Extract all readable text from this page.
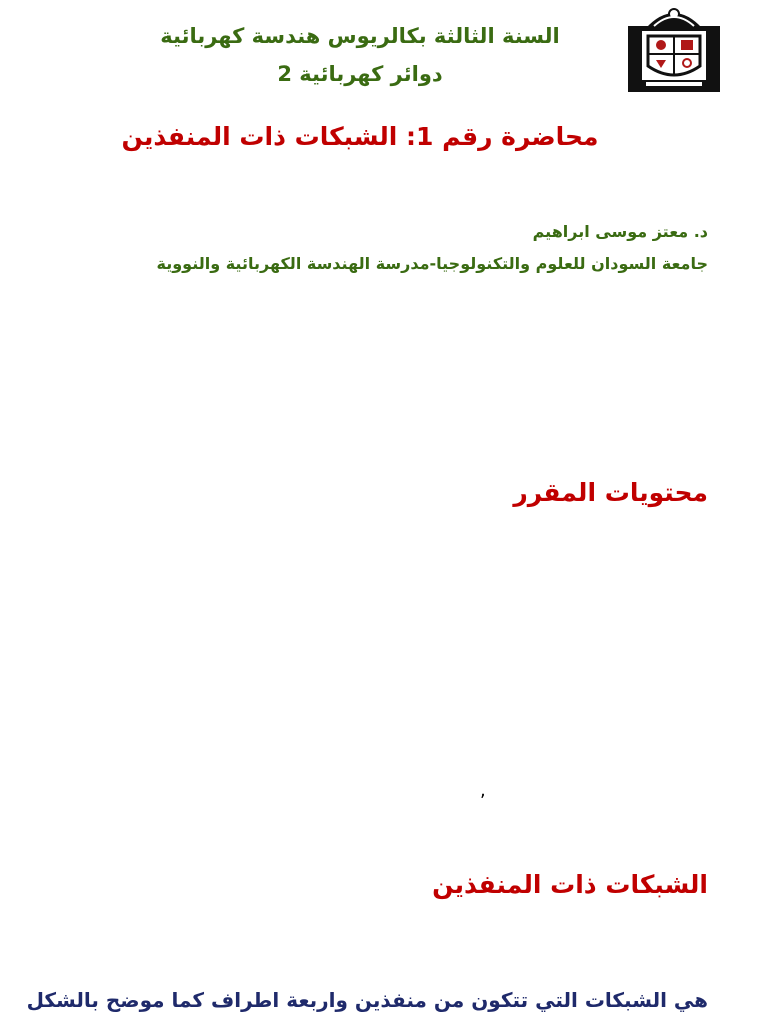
السنة الثالثة بكالريوس هندسة كهربائية
دوائر كهربائية 2
محاضرة رقم 1: الشبكات ذات المنفذين
د. معتز موسى ابراهيم
جامعة السودان للعلوم والتكنولوجيا-مدرسة الهندسة الكهربائية والنووية
محتويات المقرر
,
الشبكات ذات المنفذين
هي الشبكات التي تتكون من منفذين واربعة اطراف كما موضح بالشكل
